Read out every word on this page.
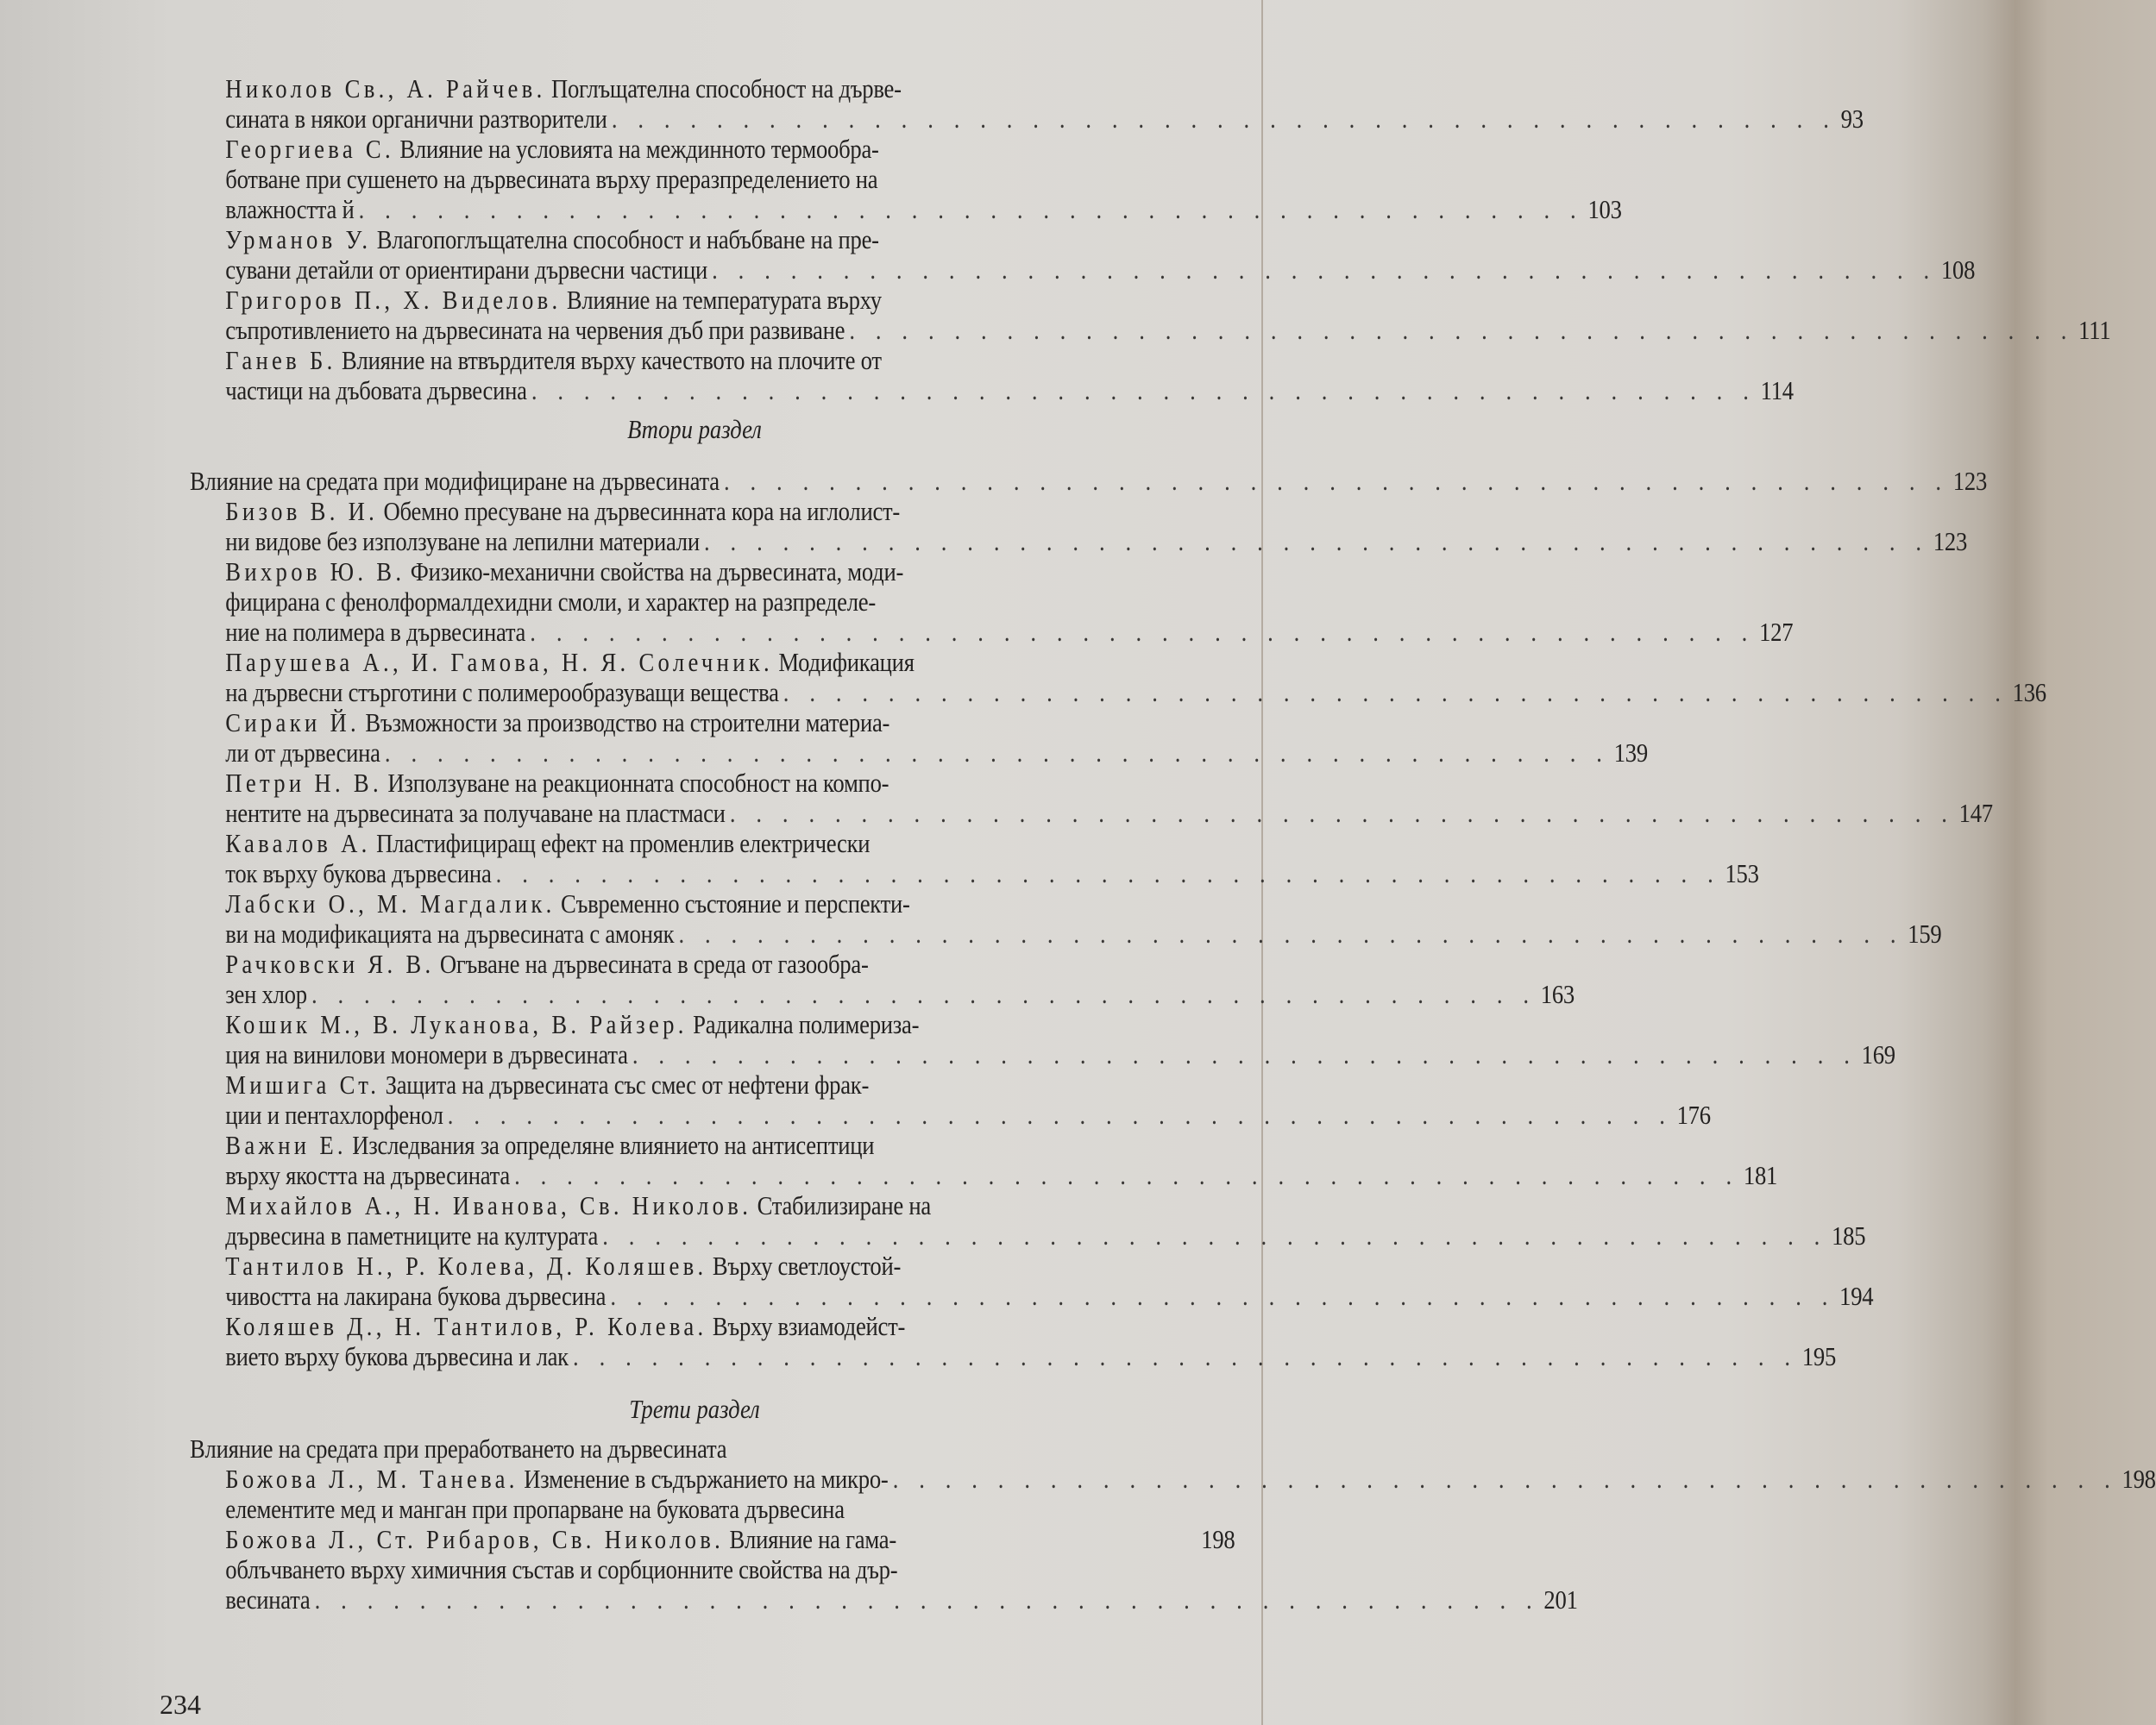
Николов Св., А. Райчев.
Поглъщателна способност на дърве-
сината в някои органични разтворители . . . . . . . . . . . . . . . . . . . . . . . . . . . . . . . . . . . . . . . . . . . . . . . 93
Георгиева С.
Влияние на условията на междинното термообра-
ботване при сушенето на дървесината върху преразпределението на
влажността й . . . . . . . . . . . . . . . . . . . . . . . . . . . . . . . . . . . . . . . . . . . . . . . 103
Урманов У.
Влагопоглъщателна способност и набъбване на пре-
сувани детайли от ориентирани дървесни частици . . . . . . . . . . . . . . . . . . . . . . . . . . . . . . . . . . . . . . . . . . . . . . . 108
Григоров П., Х. Виделов.
Влияние на температурата върху
съпротивлението на дървесината на червения дъб при развиване . . . . . . . . . . . . . . . . . . . . . . . . . . . . . . . . . . . . . . . . . . . . . . . 111
Ганев Б.
Влияние на втвърдителя върху качеството на плочите от
частици на дъбовата дървесина . . . . . . . . . . . . . . . . . . . . . . . . . . . . . . . . . . . . . . . . . . . . . . . 114
Втори раздел
Влияние на средата при модифициране на дървесината . . . . . . . . . . . . . . . . . . . . . . . . . . . . . . . . . . . . . . . . . . . . . . . 123
Бизов В. И.
Обемно пресуване на дървесинната кора на иглолист-
ни видове без използуване на лепилни материали . . . . . . . . . . . . . . . . . . . . . . . . . . . . . . . . . . . . . . . . . . . . . . . 123
Вихров Ю. В.
Физико-механични свойства на дървесината, моди-
фицирана с фенолформалдехидни смоли, и характер на разпределе-
ние на полимера в дървесината . . . . . . . . . . . . . . . . . . . . . . . . . . . . . . . . . . . . . . . . . . . . . . . 127
Парушева А., И. Гамова, Н. Я. Солечник.
Модификация
на дървесни стърготини с полимерообразуващи вещества . . . . . . . . . . . . . . . . . . . . . . . . . . . . . . . . . . . . . . . . . . . . . . . 136
Сираки Й.
Възможности за производство на строителни материа-
ли от дървесина . . . . . . . . . . . . . . . . . . . . . . . . . . . . . . . . . . . . . . . . . . . . . . . 139
Петри Н. В.
Използуване на реакционната способност на компо-
нентите на дървесината за получаване на пластмаси . . . . . . . . . . . . . . . . . . . . . . . . . . . . . . . . . . . . . . . . . . . . . . . 147
Кавалов А.
Пластифициращ ефект на променлив електрически
ток върху букова дървесина . . . . . . . . . . . . . . . . . . . . . . . . . . . . . . . . . . . . . . . . . . . . . . . 153
Лабски О., М. Магдалик.
Съвременно състояние и перспекти-
ви на модификацията на дървесината с амоняк . . . . . . . . . . . . . . . . . . . . . . . . . . . . . . . . . . . . . . . . . . . . . . . 159
Рачковски Я. В.
Огъване на дървесината в среда от газообра-
зен хлор . . . . . . . . . . . . . . . . . . . . . . . . . . . . . . . . . . . . . . . . . . . . . . . 163
Кошик М., В. Луканова, В. Райзер.
Радикална полимериза-
ция на винилови мономери в дървесината . . . . . . . . . . . . . . . . . . . . . . . . . . . . . . . . . . . . . . . . . . . . . . . 169
Мишига Ст.
Защита на дървесината със смес от нефтени фрак-
ции и пентахлорфенол . . . . . . . . . . . . . . . . . . . . . . . . . . . . . . . . . . . . . . . . . . . . . . . 176
Важни Е.
Изследвания за определяне влиянието на антисептици
върху якостта на дървесината . . . . . . . . . . . . . . . . . . . . . . . . . . . . . . . . . . . . . . . . . . . . . . . 181
Михайлов А., Н. Иванова, Св. Николов.
Стабилизиране на
дървесина в паметниците на културата . . . . . . . . . . . . . . . . . . . . . . . . . . . . . . . . . . . . . . . . . . . . . . . 185
Тантилов Н., Р. Колева, Д. Коляшев.
Върху светлоустой-
чивостта на лакирана букова дървесина . . . . . . . . . . . . . . . . . . . . . . . . . . . . . . . . . . . . . . . . . . . . . . . 194
Коляшев Д., Н. Тантилов, Р. Колева.
Върху взиамодейст-
вието върху букова дървесина и лак . . . . . . . . . . . . . . . . . . . . . . . . . . . . . . . . . . . . . . . . . . . . . . . 195
Трети раздел
Влияние на средата при преработването на дървесината
Божова Л., М. Танева.
Изменение в съдържанието на микро- . . . . . . . . . . . . . . . . . . . . . . . . . . . . . . . . . . . . . . . . . . . . . . . 198
елементите мед и манган при пропарване на буковата дървесина
Божова Л., Ст. Рибаров, Св. Николов.
Влияние на гама-	198
облъчването върху химичния състав и сорбционните свойства на дър-
весината . . . . . . . . . . . . . . . . . . . . . . . . . . . . . . . . . . . . . . . . . . . . . . . 201
234
